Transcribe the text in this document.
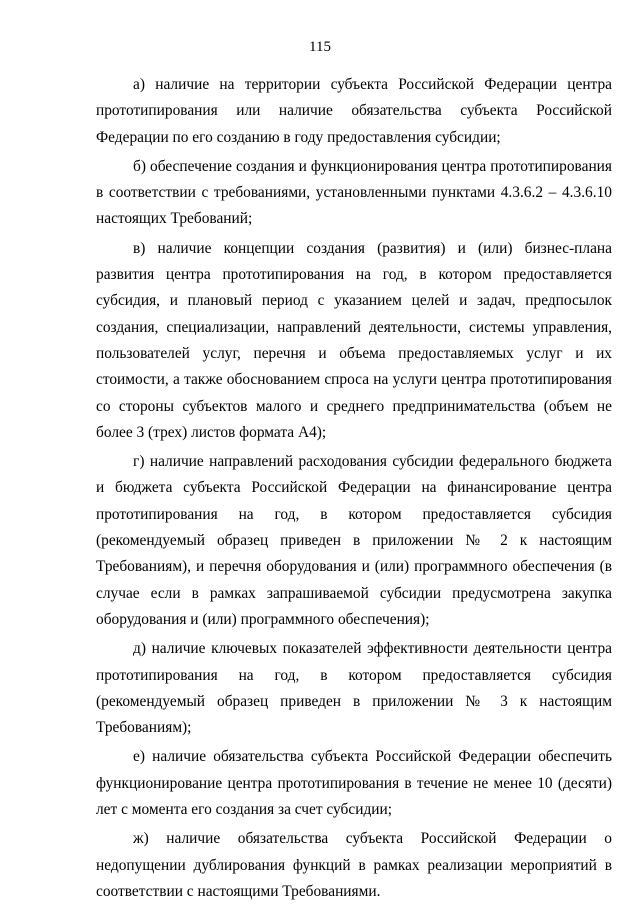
115

а) наличие на территории субъекта Российской Федерации центра прототипирования или наличие обязательства субъекта Российской Федерации по его созданию в году предоставления субсидии;

б) обеспечение создания и функционирования центра прототипирования в соответствии с требованиями, установленными пунктами 4.3.6.2 – 4.3.6.10 настоящих Требований;

в) наличие концепции создания (развития) и (или) бизнес-плана развития центра прототипирования на год, в котором предоставляется субсидия, и плановый период с указанием целей и задач, предпосылок создания, специализации, направлений деятельности, системы управления, пользователей услуг, перечня и объема предоставляемых услуг и их стоимости, а также обоснованием спроса на услуги центра прототипирования со стороны субъектов малого и среднего предпринимательства (объем не более 3 (трех) листов формата А4);

г) наличие направлений расходования субсидии федерального бюджета и бюджета субъекта Российской Федерации на финансирование центра прототипирования на год, в котором предоставляется субсидия (рекомендуемый образец приведен в приложении № 2 к настоящим Требованиям), и перечня оборудования и (или) программного обеспечения (в случае если в рамках запрашиваемой субсидии предусмотрена закупка оборудования и (или) программного обеспечения);

д) наличие ключевых показателей эффективности деятельности центра прототипирования на год, в котором предоставляется субсидия (рекомендуемый образец приведен в приложении № 3 к настоящим Требованиям);

е) наличие обязательства субъекта Российской Федерации обеспечить функционирование центра прототипирования в течение не менее 10 (десяти) лет с момента его создания за счет субсидии;

ж) наличие обязательства субъекта Российской Федерации о недопущении дублирования функций в рамках реализации мероприятий в соответствии с настоящими Требованиями.
